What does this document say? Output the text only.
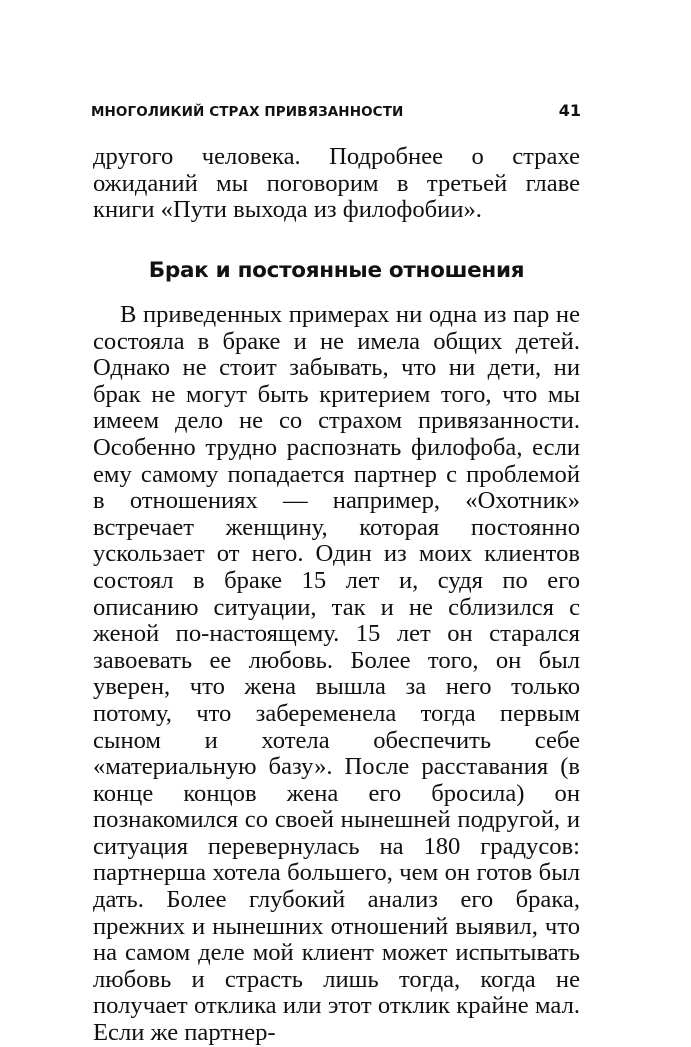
МНОГОЛИКИЙ СТРАХ ПРИВЯЗАННОСТИ	41

другого человека. Подробнее о страхе ожиданий мы поговорим в третьей главе книги «Пути выхода из филофобии».

Брак и постоянные отношения

В приведенных примерах ни одна из пар не состояла в браке и не имела общих детей. Однако не стоит забывать, что ни дети, ни брак не могут быть критерием того, что мы имеем дело не со страхом привязанности. Особенно трудно распознать филофоба, если ему самому попадается партнер с проблемой в отношениях — например, «Охотник» встречает женщину, которая постоянно ускользает от него. Один из моих клиентов состоял в браке 15 лет и, судя по его описанию ситуации, так и не сблизился с женой по-настоящему. 15 лет он старался завоевать ее любовь. Более того, он был уверен, что жена вышла за него только потому, что забеременела тогда первым сыном и хотела обеспечить себе «материальную базу». После расставания (в конце концов жена его бросила) он познакомился со своей нынешней подругой, и ситуация перевернулась на 180 градусов: партнерша хотела большего, чем он готов был дать. Более глубокий анализ его брака, прежних и нынешних отношений выявил, что на самом деле мой клиент может испытывать любовь и страсть лишь тогда, когда не получает отклика или этот отклик крайне мал. Если же партнер-
